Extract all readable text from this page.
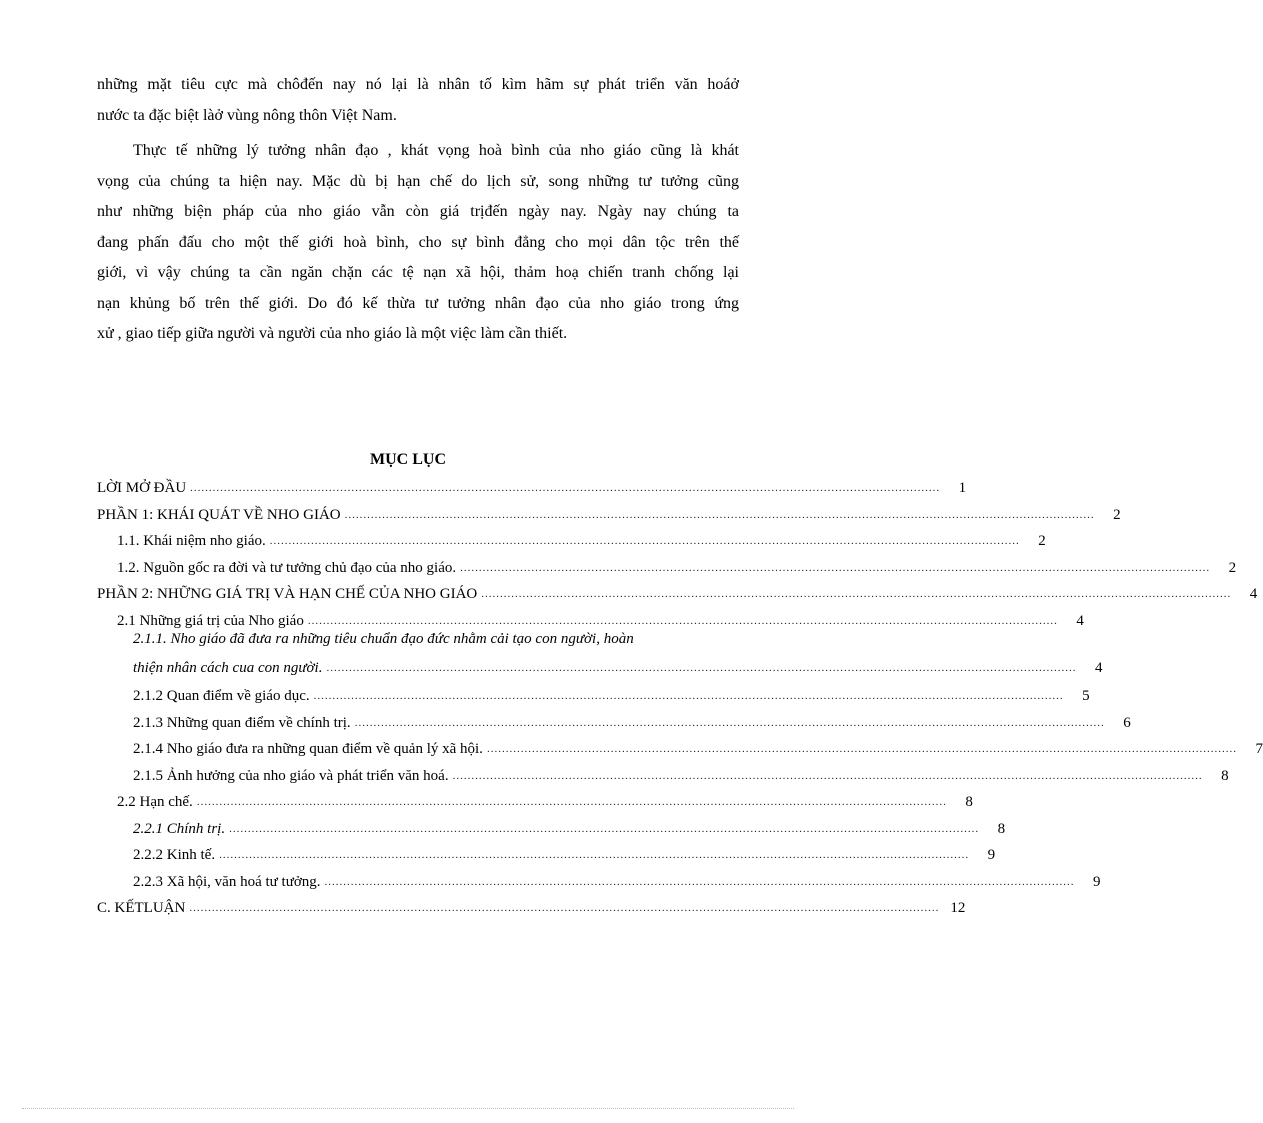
những mặt tiêu cực mà chôđến nay nó lại là nhân tố kìm hãm sự phát triển văn hoáở
nước ta đặc biệt làở vùng nông thôn Việt Nam.
Thực tế những lý tưởng nhân đạo , khát vọng hoà bình của nho giáo cũng là khát
vọng của chúng ta hiện nay. Mặc dù bị hạn chế do lịch sử, song những tư tưởng cũng
như những biện pháp của nho giáo vẫn còn giá trịđến ngày nay. Ngày nay chúng ta
đang phấn đấu cho một thế giới hoà bình, cho sự bình đẳng cho mọi dân tộc trên thế
giới, vì vậy chúng ta cần ngăn chặn các tệ nạn xã hội, thảm hoạ chiến tranh chống lại
nạn khủng bố trên thế giới. Do đó kế thừa tư tưởng nhân đạo của nho giáo trong ứng
xử , giao tiếp giữa người và người của nho giáo là một việc làm cần thiết.
MỤC LỤC
LỜI MỞ ĐẦU ........................................................................................................................................................................................................	1
PHẦN 1: KHÁI QUÁT VỀ NHO GIÁO ........................................................................................................................................................................................................	2
1.1. Khái niệm nho giáo. ........................................................................................................................................................................................................	2
1.2. Nguồn gốc ra đời và tư tưởng chủ đạo của nho giáo. ........................................................................................................................................................................................................	2
PHẦN 2: NHỮNG GIÁ TRỊ VÀ HẠN CHẾ CỦA NHO GIÁO ........................................................................................................................................................................................................	4
2.1 Những giá trị của Nho giáo ........................................................................................................................................................................................................	4
2.1.1. Nho giáo đã đưa ra những tiêu chuẩn đạo đức nhằm cải tạo con người, hoàn
thiện nhân cách cua con người. ........................................................................................................................................................................................................	4
2.1.2 Quan điểm về giáo dục. ........................................................................................................................................................................................................	5
2.1.3 Những quan điểm về chính trị. ........................................................................................................................................................................................................	6
2.1.4 Nho giáo đưa ra những quan điểm về quản lý xã hội. ........................................................................................................................................................................................................	7
2.1.5 Ảnh hưởng của nho giáo và phát triển văn hoá. ........................................................................................................................................................................................................	8
2.2 Hạn chế. ........................................................................................................................................................................................................	8
2.2.1 Chính trị. ........................................................................................................................................................................................................	8
2.2.2 Kinh tế. ........................................................................................................................................................................................................	9
2.2.3 Xã hội, văn hoá tư tưởng. ........................................................................................................................................................................................................	9
C. KẾTLUẬN ........................................................................................................................................................................................................ 12
